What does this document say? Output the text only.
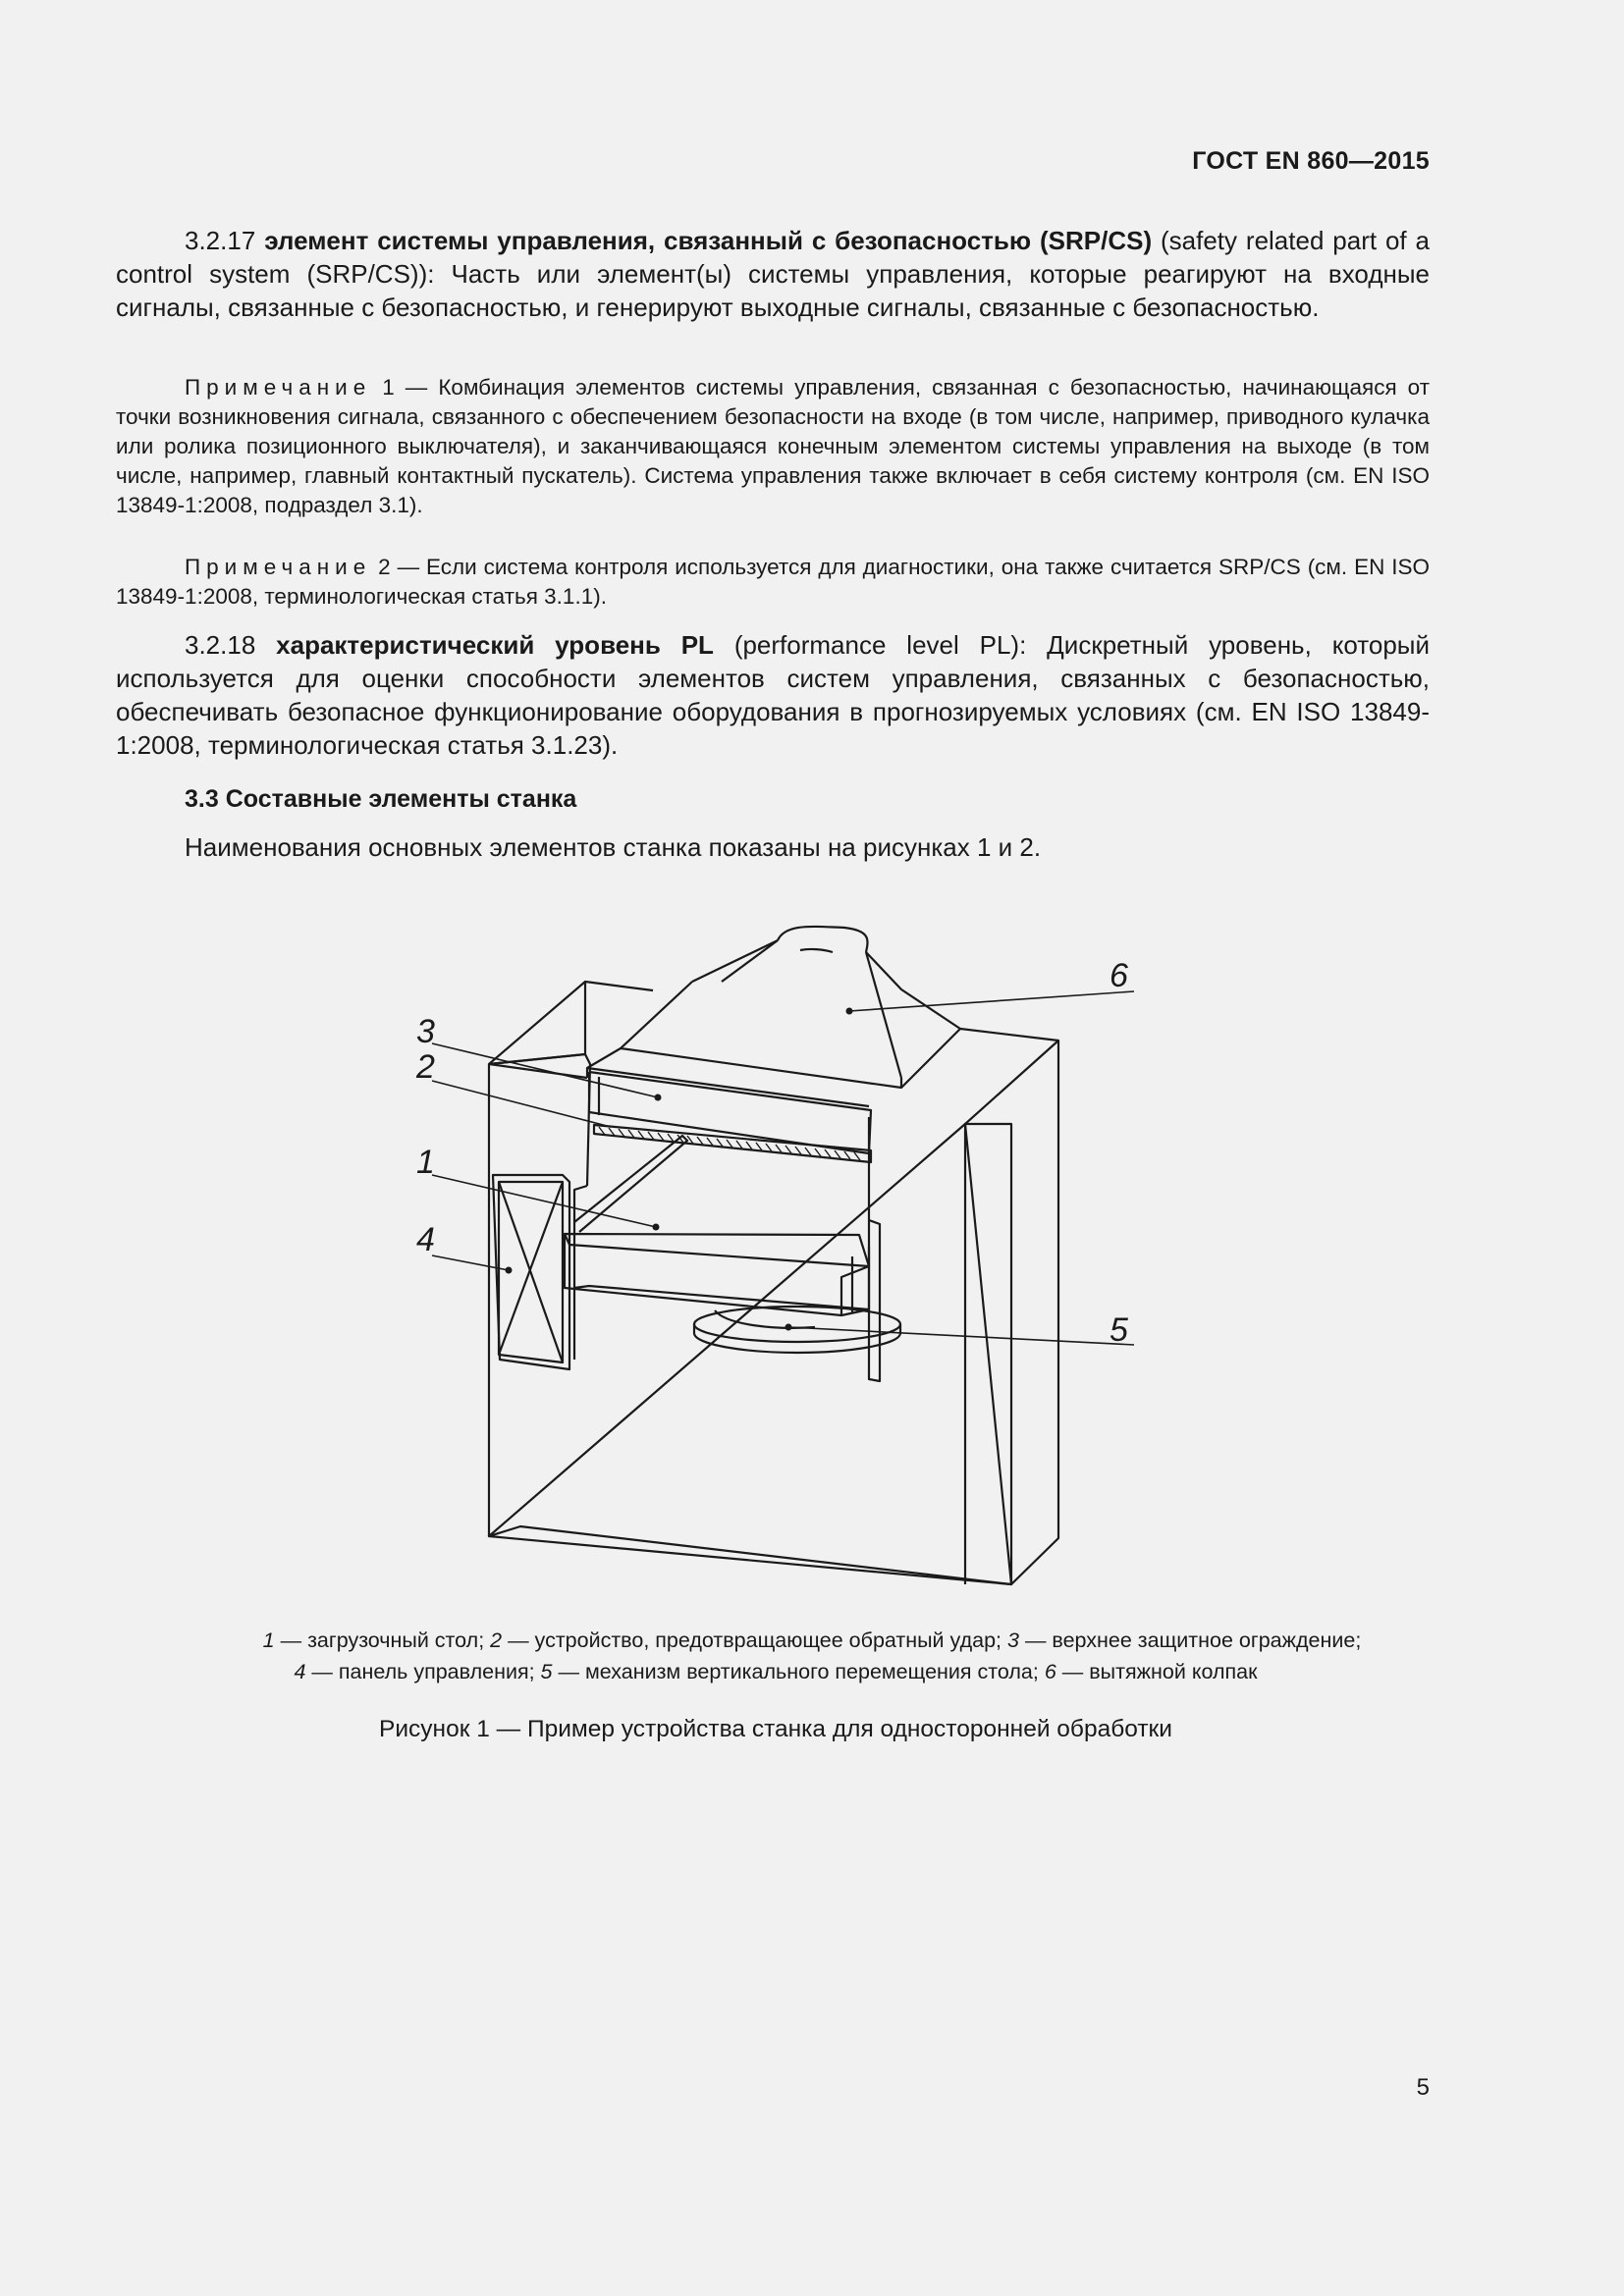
ГОСТ EN 860—2015
3.2.17 элемент системы управления, связанный с безопасностью (SRP/CS) (safety related part of a control system (SRP/CS)): Часть или элемент(ы) системы управления, которые реагируют на входные сигналы, связанные с безопасностью, и генерируют выходные сигналы, связанные с безопасностью.
Примечание 1 — Комбинация элементов системы управления, связанная с безопасностью, начинающаяся от точки возникновения сигнала, связанного с обеспечением безопасности на входе (в том числе, например, приводного кулачка или ролика позиционного выключателя), и заканчивающаяся конечным элементом системы управления на выходе (в том числе, например, главный контактный пускатель). Система управления также включает в себя систему контроля (см. EN ISO 13849-1:2008, подраздел 3.1).
Примечание 2 — Если система контроля используется для диагностики, она также считается SRP/CS (см. EN ISO 13849-1:2008, терминологическая статья 3.1.1).
3.2.18 характеристический уровень PL (performance level PL): Дискретный уровень, который используется для оценки способности элементов систем управления, связанных с безопасностью, обеспечивать безопасное функционирование оборудования в прогнозируемых условиях (см. EN ISO 13849-1:2008, терминологическая статья 3.1.23).
3.3 Составные элементы станка
Наименования основных элементов станка показаны на рисунках 1 и 2.
6
3
2
1
4
5
1 — загрузочный стол; 2 — устройство, предотвращающее обратный удар; 3 — верхнее защитное ограждение;
4 — панель управления; 5 — механизм вертикального перемещения стола; 6 — вытяжной колпак
Рисунок 1 — Пример устройства станка для односторонней обработки
5
